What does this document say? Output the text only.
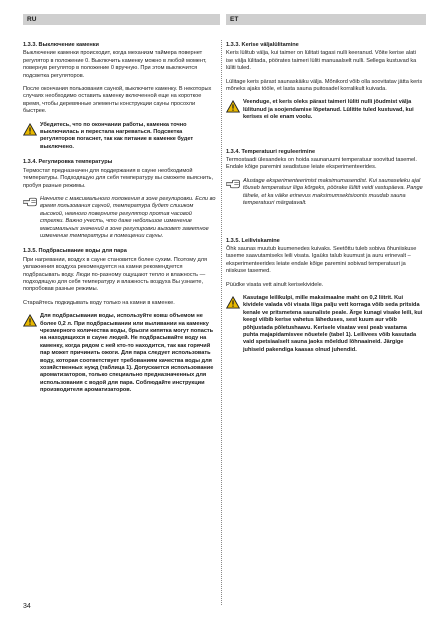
RU	ET
1.3.3. Выключение каменки

Выключение каменки происходит, когда механизм таймера повернет регулятор в положение 0. Выключить каменку можно в любой момент, повернув регулятор в положение 0 вручную. При этом выключится подсветка регуляторов.

После окончания пользования сауной, выключите каменку. В некоторых случаях необходимо оставить каменку включенной еще на короткое время, чтобы деревянные элементы конструкции сауны просохли быстрее.

Убедитесь, что по окончании работы, каменка точно выключилась и перестала нагреваться. Подсветка регуляторов погаснет, так как питание в каменке будет выключено.
1.3.4. Регулировка температуры

Термостат предназначен для поддержания в сауне необходимой температуры. Подходящую для себя температуру вы сможете выяснить, пробуя разные режимы.

Начните с максимального положения в зоне регулировки. Если во время пользования сауной, температура будет слишком высокой, немного поверните регулятор против часовой стрелки. Важно учесть, что даже небольшое изменение максимальных значений в зоне регулировки вызовет заметное изменение температуры в помещении сауны.
1.3.5. Подбрасывание воды для пара

При нагревании, воздух в сауне становится более сухим. Поэтому для увлажнения воздуха рекомендуется на камни рекомендуется подбрасывать воду. Люди по-разному ощущают тепло и влажность — подходящую для себя температуру и влажность воздуха Вы узнаете, попробовав разные режимы.

Старайтесь подкидывать воду только на камни в каменке.

Для подбрасывания воды, используйте ковш объемом не более 0,2 л. При подбрасывании или выливании на каменку чрезмерного количества воды, брызги кипятка могут попасть на находящихся в сауне людей. Не подбрасывайте воду на каменку, когда рядом с ней кто-то находится, так как горячий пар может причинить ожоги. Для пара следует использовать воду, которая соответствует требованиям качества воды для хозяйственных нужд (таблица 1). Допускается использование ароматизаторов, только специально предназначенных для использования с водой для пара. Соблюдайте инструкции производителя ароматизаторов.
1.3.3. Kerise väljalülitamine

Keris lülitub välja, kui taimer on lülitati tagasi nulli keeranud. Võite kerise alati ise välja lülitada, pöörates taimeri lüliti manuaalselt nulli. Sellega kustuvad ka lüliti tuled.

Lülitage keris pärast saunaskäiku välja. Mõnikord võib olla soovitatav jätta keris mõneks ajaks tööle, et lasta sauna puitosadel korralikult kuivada.

Veenduge, et keris oleks pärast taimeri lüliti nulli jõudmist välja lülitunud ja soojendamise lõpetanud. Lülitite tuled kustuvad, kui kerises ei ole enam voolu.
1.3.4. Temperatuuri reguleerimine

Termostaadi ülesandeks on hoida saunaruumi temperatuur soovitud tasemel. Endale kõige paremini seadistuse leiate eksperimenteerides.

Alustage eksperimenteerimist maksimumasendist. Kui saunaseleku ajal tõuseb temperatuur liiga kõrgeks, pöörake lülitit veidi vastupäeva. Pange tähele, et ka väike erinevus maksimumsektsioonis muudab sauna temperatuuri märgatavalt.
1.3.5. Leiliviskamine

Õhk saunas muutub kuumenedes kuivaks. Seetõttu tuleb sobiva õhuniiskuse taseme saavutamiseks leili visata. Igaüks talub kuumust ja auru erinevalt – eksperimenteerides leiate endale kõige paremini sobivad temperatuuri ja niiskuse tasemed.

Püüdke visata vett ainult kerisekividele.

Kasutage leilikulpi, mille maksimaalne maht on 0,2 liitrit. Kui kividele valada või visata liiga palju vett korraga võib seda pritsida kenale ve pritsmetena saunaliste peale. Ärge kunagi visake leili, kui keegi viibib kerise vahetus läheduses, sest kuum aur võib põhjustada põletushaavu. Kerisele visatav vesi peab vastama puhta majapidamisvee nõuetele (tabel 1). Leilivees võib kasutada vaid spetsiaalselt sauna jaoks mõeldud lõhnaaineid. Järgige juhiseid pakendiga kaasas olnud juhendid.
34
